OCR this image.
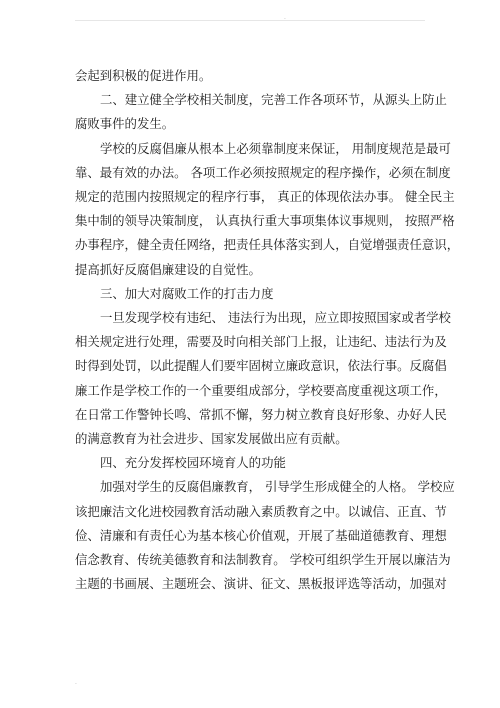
·

会起到积极的促进作用。

二、建立健全学校相关制度，完善工作各项环节，从源头上防止

腐败事件的发生。

学校的反腐倡廉从根本上必须靠制度来保证， 用制度规范是最可

靠、最有效的办法。 各项工作必须按照规定的程序操作，必须在制度

规定的范围内按照规定的程序行事， 真正的体现依法办事。 健全民主

集中制的领导决策制度， 认真执行重大事项集体议事规则， 按照严格

办事程序，健全责任网络，把责任具体落实到人，自觉增强责任意识，

提高抓好反腐倡廉建设的自觉性。

三、加大对腐败工作的打击力度

一旦发现学校有违纪、 违法行为出现，应立即按照国家或者学校

相关规定进行处理，需要及时向相关部门上报，让违纪、违法行为及

时得到处罚，以此提醒人们要牢固树立廉政意识，依法行事。反腐倡

廉工作是学校工作的一个重要组成部分，学校要高度重视这项工作，

在日常工作警钟长鸣、常抓不懈，努力树立教育良好形象、办好人民

的满意教育为社会进步、国家发展做出应有贡献。

四、充分发挥校园环境育人的功能

加强对学生的反腐倡廉教育， 引导学生形成健全的人格。 学校应

该把廉洁文化进校园教育活动融入素质教育之中。以诚信、正直、节

俭、清廉和有责任心为基本核心价值观，开展了基础道德教育、理想

信念教育、传统美德教育和法制教育。 学校可组织学生开展以廉洁为

主题的书画展、主题班会、演讲、征文、黑板报评选等活动，加强对

·
